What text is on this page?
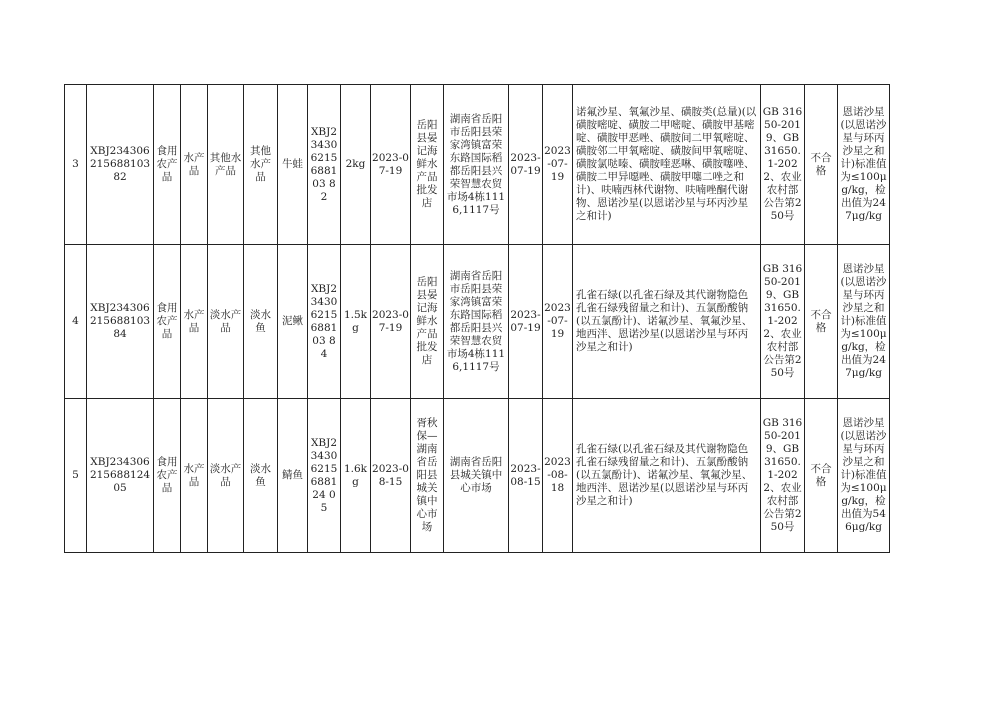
3	XBJ234306215688103 82	食用农产品	水产品	其他水产品	其他水产品	牛蛙	XBJ234306215688103 82	2kg	2023-07-19	岳阳县晏记海鲜水产品批发店	湖南省岳阳市岳阳县荣家湾镇富荣东路国际稻都岳阳县兴荣智慧农贸市场4栋1116,1117号	2023-07-19	2023-07-19	诺氟沙星、氧氟沙星、磺胺类(总量)(以磺胺嘧啶、磺胺二甲嘧啶、磺胺甲基嘧啶、磺胺甲恶唑、磺胺间二甲氧嘧啶、磺胺邻二甲氧嘧啶、磺胺间甲氧嘧啶、磺胺氯哒嗪、磺胺喹恶啉、磺胺噻唑、磺胺二甲异噁唑、磺胺甲噻二唑之和计)、呋喃西林代谢物、呋喃唑酮代谢物、恩诺沙星(以恩诺沙星与环丙沙星之和计)	GB 31650-2019、GB 31650.1-2022、农业农村部公告第250号	不合格	恩诺沙星(以恩诺沙星与环丙沙星之和计)标准值为≤100μg/kg，检出值为247μg/kg
4	XBJ234306215688103 84	食用农产品	水产品	淡水产品	淡水鱼	泥鳅	XBJ234306215688103 84	1.5kg	2023-07-19	岳阳县晏记海鲜水产品批发店	湖南省岳阳市岳阳县荣家湾镇富荣东路国际稻都岳阳县兴荣智慧农贸市场4栋1116,1117号	2023-07-19	2023-07-19	孔雀石绿(以孔雀石绿及其代谢物隐色孔雀石绿残留量之和计)、五氯酚酸钠(以五氯酚计)、诺氟沙星、氧氟沙星、地西泮、恩诺沙星(以恩诺沙星与环丙沙星之和计)	GB 31650-2019、GB 31650.1-2022、农业农村部公告第250号	不合格	恩诺沙星(以恩诺沙星与环丙沙星之和计)标准值为≤100μg/kg，检出值为247μg/kg
5	XBJ234306215688124 05	食用农产品	水产品	淡水产品	淡水鱼	鲭鱼	XBJ234306215688124 05	1.6kg	2023-08-15	胥秋保—湖南省岳阳县城关镇中心市场	湖南省岳阳县城关镇中心市场	2023-08-15	2023-08-18	孔雀石绿(以孔雀石绿及其代谢物隐色孔雀石绿残留量之和计)、五氯酚酸钠(以五氯酚计)、诺氟沙星、氧氟沙星、地西泮、恩诺沙星(以恩诺沙星与环丙沙星之和计)	GB 31650-2019、GB 31650.1-2022、农业农村部公告第250号	不合格	恩诺沙星(以恩诺沙星与环丙沙星之和计)标准值为≤100μg/kg，检出值为546μg/kg
